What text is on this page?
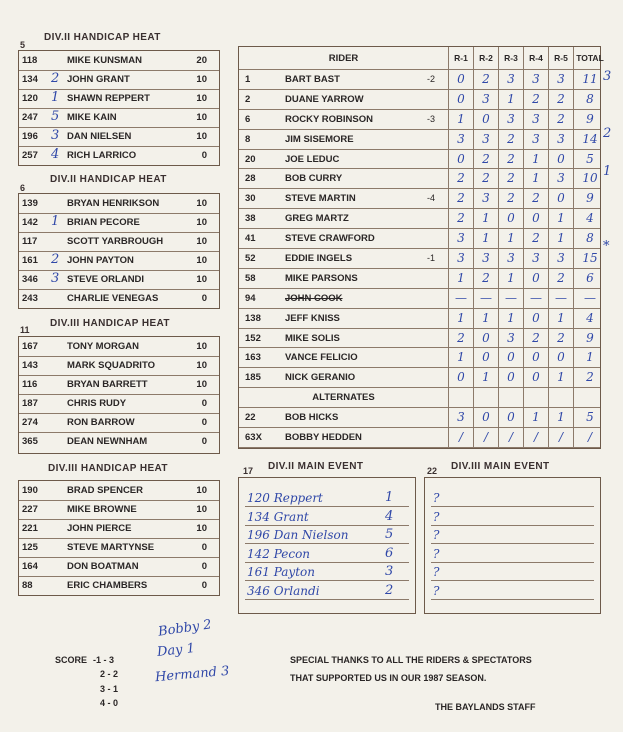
5
DIV.II HANDICAP HEAT
118	MIKE KUNSMAN	20
134 2 JOHN GRANT	10
120 1 SHAWN REPPERT	10
247 5 MIKE KAIN	10
196 3 DAN NIELSEN	10
257 4 RICH LARRICO	0
6
DIV.II HANDICAP HEAT
139	BRYAN HENRIKSON	10
142 1 BRIAN PECORE	10
117	SCOTT YARBROUGH	10
161 2 JOHN PAYTON	10
346 3 STEVE ORLANDI	10
243	CHARLIE VENEGAS	0
11
DIV.III HANDICAP HEAT
167	TONY MORGAN	10
143	MARK SQUADRITO	10
116	BRYAN BARRETT	10
187	CHRIS RUDY	0
274	RON BARROW	0
365	DEAN NEWNHAM	0
DIV.III HANDICAP HEAT
190	BRAD SPENCER	10
227	MIKE BROWNE	10
221	JOHN PIERCE	10
125	STEVE MARTYNSE	0
164	DON BOATMAN	0
88	ERIC CHAMBERS	0
RIDER	R-1	R-2	R-3	R-4	R-5 TOTAL
1	BART BAST	-2	0	2	3	3	3	11
2	DUANE YARROW	0	3	1	2	2	8
6	ROCKY ROBINSON	-3	1	0	3	3	2	9
8	JIM SISEMORE	3	3	2	3	3	14
20	JOE LEDUC	0	2	2	1	0	5
28	BOB CURRY	2	2	2	1	3	10
30	STEVE MARTIN	-4	2	3	2	2	0	9
38	GREG MARTZ	2	1	0	0	1	4
41	STEVE CRAWFORD	3	1	1	2	1	8
52	EDDIE INGELS	-1	3	3	3	3	3	15
58	MIKE PARSONS	1	2	1	0	2	6
94	JOHN COOK	—	—	—	—	—	—
138	JEFF KNISS	1	1	1	0	1	4
152	MIKE SOLIS	2	0	3	2	2	9
163	VANCE FELICIO	1	0	0	0	0	1
185	NICK GERANIO	0	1	0	0	1	2
ALTERNATES
22	BOB HICKS	3	0	0	1	1	5
63X BOBBY HEDDEN	/	/	/	/	/	/
3
2
1
*
17 DIV.II MAIN EVENT
120 Reppert	1
134 Grant	4
196 Dan Nielson	5
142 Pecon	6
161 Payton	3
346 Orlandi	2
22 DIV.III MAIN EVENT
?
?
?
?
?
?
SCORE -1 - 3
2 - 2
3 - 1
4 - 0
Bobby 2
Day 1
Hermand 3
SPECIAL THANKS TO ALL THE RIDERS & SPECTATORS
THAT SUPPORTED US IN OUR 1987 SEASON.
THE BAYLANDS STAFF
